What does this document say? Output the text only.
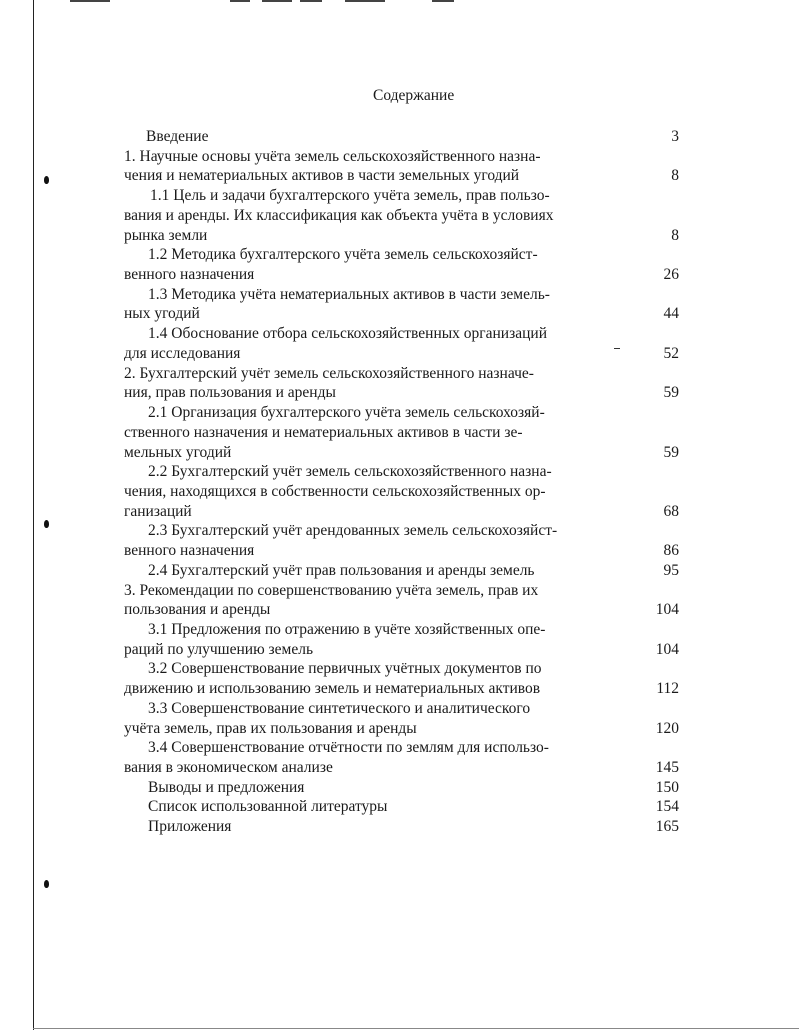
Содержание
Введение	3
1. Научные основы учёта земель сельскохозяйственного назна-
чения и нематериальных активов в части земельных угодий	8
1.1 Цель и задачи бухгалтерского учёта земель, прав пользо-
вания и аренды. Их классификация как объекта учёта в условиях
рынка земли	8
1.2 Методика бухгалтерского учёта земель сельскохозяйст-
венного назначения	26
1.3 Методика учёта нематериальных активов в части земель-
ных угодий	44
1.4 Обоснование отбора сельскохозяйственных организаций
для исследования	52
2. Бухгалтерский учёт земель сельскохозяйственного назначе-
ния, прав пользования и аренды	59
2.1 Организация бухгалтерского учёта земель сельскохозяй-
ственного назначения и нематериальных активов в части зе-
мельных угодий	59
2.2 Бухгалтерский учёт земель сельскохозяйственного назна-
чения, находящихся в собственности сельскохозяйственных ор-
ганизаций	68
2.3 Бухгалтерский учёт арендованных земель сельскохозяйст-
венного назначения	86
2.4 Бухгалтерский учёт прав пользования и аренды земель	95
3. Рекомендации по совершенствованию учёта земель, прав их
пользования и аренды	104
3.1 Предложения по отражению в учёте хозяйственных опе-
раций по улучшению земель	104
3.2 Совершенствование первичных учётных документов по
движению и использованию земель и нематериальных активов	112
3.3 Совершенствование синтетического и аналитического
учёта земель, прав их пользования и аренды	120
3.4 Совершенствование отчётности по землям для использо-
вания в экономическом анализе	145
Выводы и предложения	150
Список использованной литературы	154
Приложения	165
